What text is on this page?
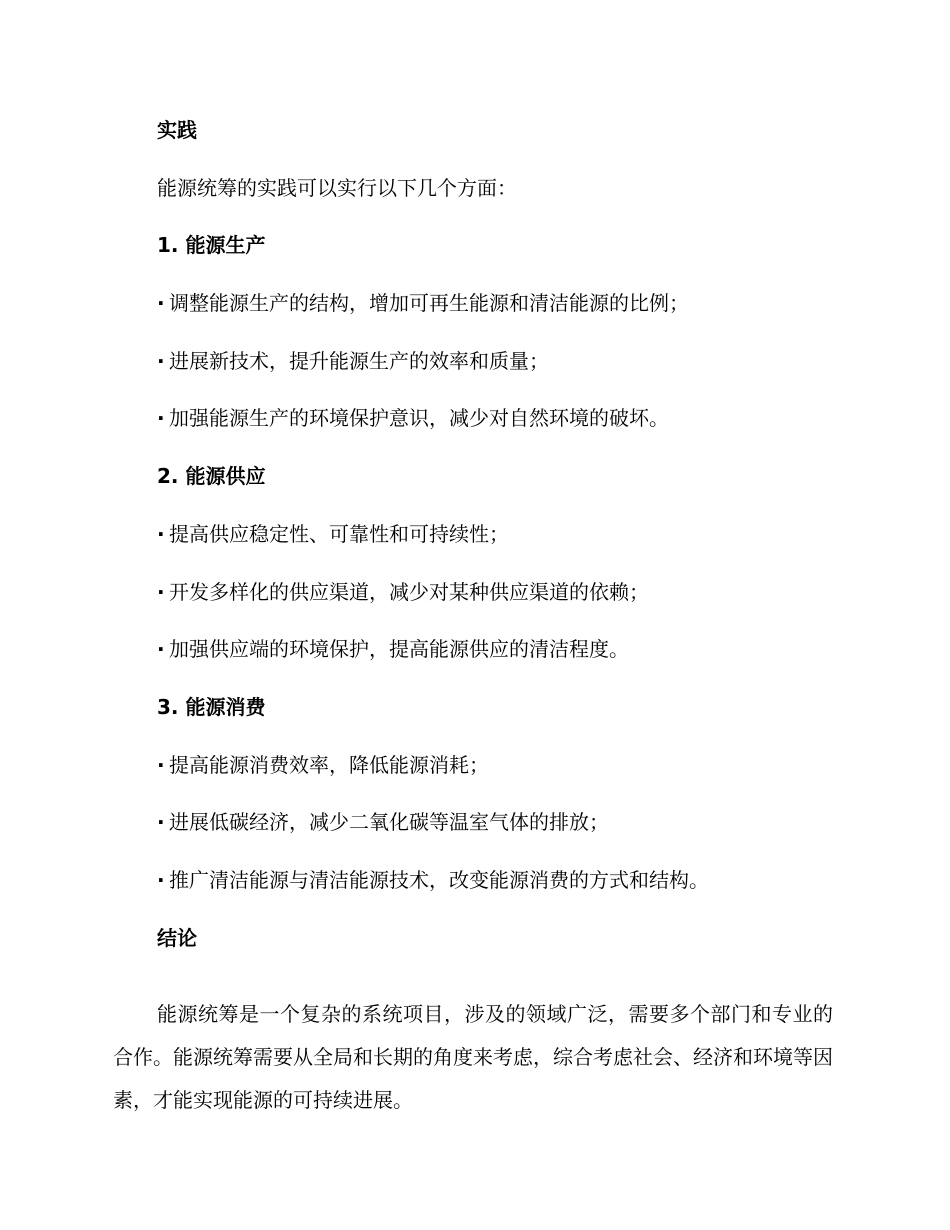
实践
能源统筹的实践可以实行以下几个方面：
1. 能源生产
· 调整能源生产的结构，增加可再生能源和清洁能源的比例；
· 进展新技术，提升能源生产的效率和质量；
· 加强能源生产的环境保护意识，减少对自然环境的破坏。
2. 能源供应
· 提高供应稳定性、可靠性和可持续性；
· 开发多样化的供应渠道，减少对某种供应渠道的依赖；
· 加强供应端的环境保护，提高能源供应的清洁程度。
3. 能源消费
· 提高能源消费效率，降低能源消耗；
· 进展低碳经济，减少二氧化碳等温室气体的排放；
· 推广清洁能源与清洁能源技术，改变能源消费的方式和结构。
结论

能源统筹是一个复杂的系统项目，涉及的领域广泛，需要多个部门和专业的合作。能源统筹需要从全局和长期的角度来考虑，综合考虑社会、经济和环境等因素，才能实现能源的可持续进展。
